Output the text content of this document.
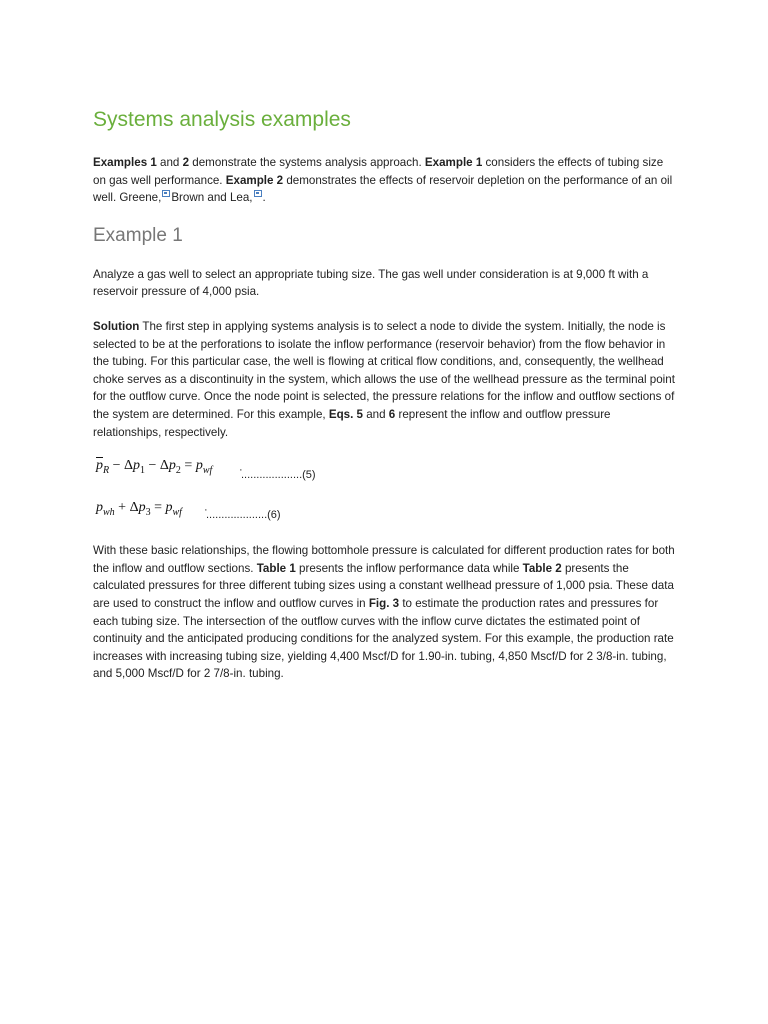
Systems analysis examples

Examples 1 and 2 demonstrate the systems analysis approach. Example 1 considers the effects of tubing size on gas well performance. Example 2 demonstrates the effects of reservoir depletion on the performance of an oil well. Greene, Brown and Lea, .

Example 1

Analyze a gas well to select an appropriate tubing size. The gas well under consideration is at 9,000 ft with a reservoir pressure of 4,000 psia.

Solution The first step in applying systems analysis is to select a node to divide the system. Initially, the node is selected to be at the perforations to isolate the inflow performance (reservoir behavior) from the flow behavior in the tubing. For this particular case, the well is flowing at critical flow conditions, and, consequently, the wellhead choke serves as a discontinuity in the system, which allows the use of the wellhead pressure as the terminal point for the outflow curve. Once the node point is selected, the pressure relations for the inflow and outflow sections of the system are determined. For this example, Eqs. 5 and 6 represent the inflow and outflow pressure relationships, respectively.

$\overline{p}_R - \Delta p_1 - \Delta p_2 = p_{wf}$ ·
....................(5)
$p_{wh} + \Delta p_3 = p_{wf}$ ·
....................(6)

With these basic relationships, the flowing bottomhole pressure is calculated for different production rates for both the inflow and outflow sections. Table 1 presents the inflow performance data while Table 2 presents the calculated pressures for three different tubing sizes using a constant wellhead pressure of 1,000 psia. These data are used to construct the inflow and outflow curves in Fig. 3 to estimate the production rates and pressures for each tubing size. The intersection of the outflow curves with the inflow curve dictates the estimated point of continuity and the anticipated producing conditions for the analyzed system. For this example, the production rate increases with increasing tubing size, yielding 4,400 Mscf/D for 1.90-in. tubing, 4,850 Mscf/D for 2 3/8-in. tubing, and 5,000 Mscf/D for 2 7/8-in. tubing.
